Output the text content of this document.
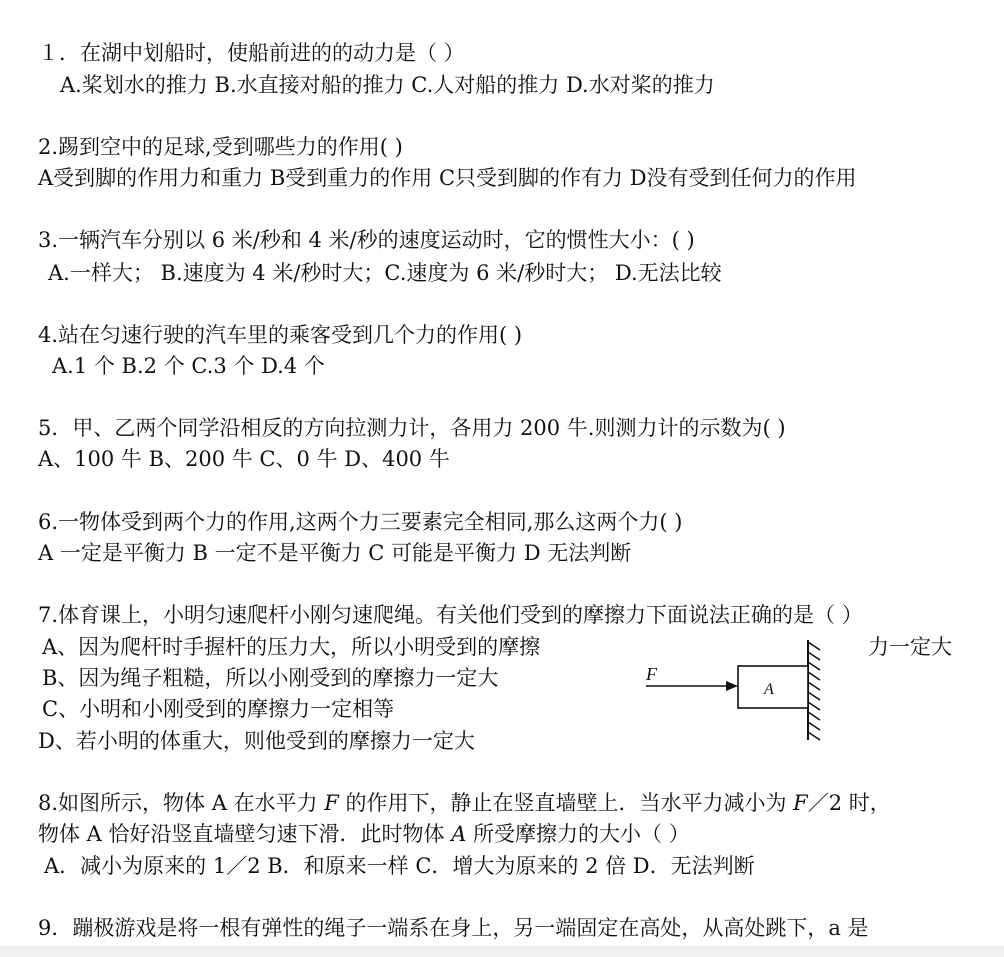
１．在湖中划船时，使船前进的的动力是（ ）
A.桨划水的推力 B.水直接对船的推力 C.人对船的推力 D.水对桨的推力
2.踢到空中的足球,受到哪些力的作用( )
A受到脚的作用力和重力 B受到重力的作用 C只受到脚的作有力 D没有受到任何力的作用
3.一辆汽车分别以 6 米/秒和 4 米/秒的速度运动时，它的惯性大小：( )
A.一样大； B.速度为 4 米/秒时大；C.速度为 6 米/秒时大； D.无法比较
4.站在匀速行驶的汽车里的乘客受到几个力的作用( )
A.1 个 B.2 个 C.3 个 D.4 个
5．甲、乙两个同学沿相反的方向拉测力计，各用力 200 牛.则测力计的示数为( )
A、100 牛 B、200 牛 C、0 牛 D、400 牛
6.一物体受到两个力的作用,这两个力三要素完全相同,那么这两个力( )
A 一定是平衡力 B 一定不是平衡力 C 可能是平衡力 D 无法判断
7.体育课上，小明匀速爬杆小刚匀速爬绳。有关他们受到的摩擦力下面说法正确的是（ ）
A、因为爬杆时手握杆的压力大，所以小明受到的摩擦	力一定大
B、因为绳子粗糙，所以小刚受到的摩擦力一定大
C、小明和小刚受到的摩擦力一定相等
D、若小明的体重大，则他受到的摩擦力一定大
F
A
8.如图所示，物体 A 在水平力 F 的作用下，静止在竖直墙壁上．当水平力减小为 F／2 时，
物体 A 恰好沿竖直墙壁匀速下滑．此时物体 A 所受摩擦力的大小（ ）
A．减小为原来的 1／2 B．和原来一样 C．增大为原来的 2 倍 D．无法判断
9．蹦极游戏是将一根有弹性的绳子一端系在身上，另一端固定在高处，从高处跳下，a 是
